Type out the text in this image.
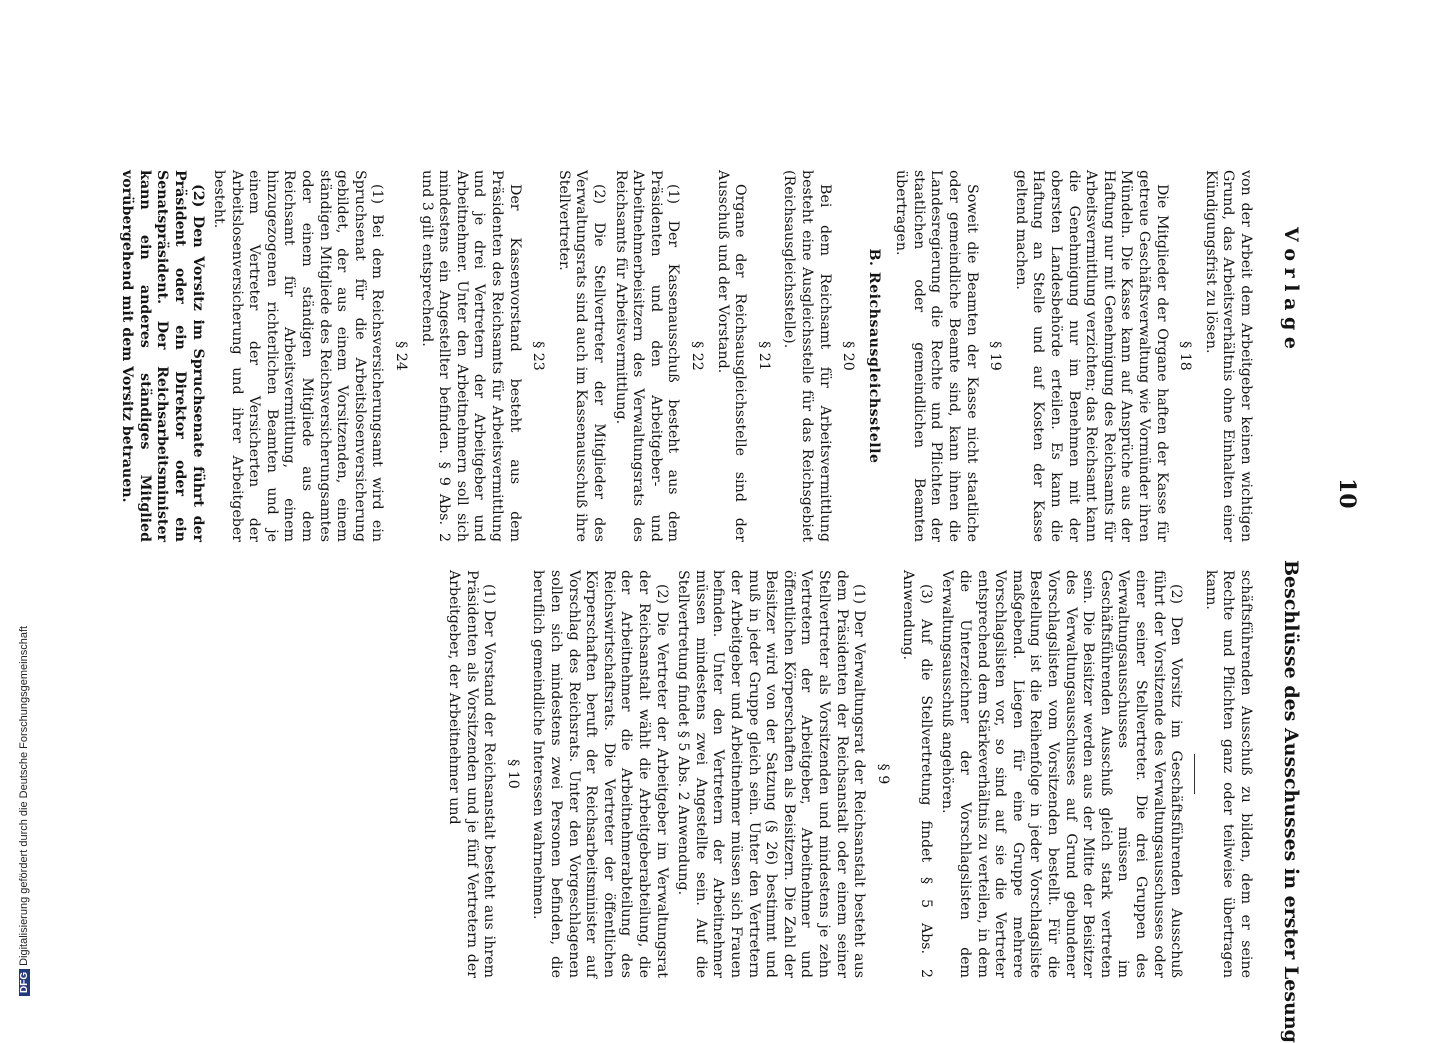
V o r l a g e
10
Beschlüsse des Ausschusses in erster Lesung

von der Arbeit dem Arbeitgeber keinen wichtigen Grund, das Arbeitsverhältnis ohne Einhalten einer Kündigungsfrist zu lösen.

§ 18

Die Mitglieder der Organe haften der Kasse für getreue Geschäftsverwaltung wie Vormünder ihren Mündeln. Die Kasse kann auf Ansprüche aus der Haftung nur mit Genehmigung des Reichsamts für Arbeitsvermittlung verzichten; das Reichsamt kann die Genehmigung nur im Benehmen mit der obersten Landesbehörde erteilen. Es kann die Haftung an Stelle und auf Kosten der Kasse geltend machen.

§ 19

Soweit die Beamten der Kasse nicht staatliche oder gemeindliche Beamte sind, kann ihnen die Landesregierung die Rechte und Pflichten der staatlichen oder gemeindlichen Beamten übertragen.

B. Reichsausgleichsstelle
§ 20

Bei dem Reichsamt für Arbeitsvermittlung besteht eine Ausgleichsstelle für das Reichsgebiet (Reichsausgleichsstelle).

§ 21

Organe der Reichsausgleichsstelle sind der Ausschuß und der Vorstand.

§ 22

(1) Der Kassenausschuß besteht aus dem Präsidenten und den Arbeitgeber- und Arbeitnehmerbeisitzern des Verwaltungsrats des Reichsamts für Arbeitsvermittlung.

(2) Die Stellvertreter der Mitglieder des Verwaltungsrats sind auch im Kassenausschuß ihre Stellvertreter.

§ 23

Der Kassenvorstand besteht aus dem Präsidenten des Reichsamts für Arbeitsvermittlung und je drei Vertretern der Arbeitgeber und Arbeitnehmer. Unter den Arbeitnehmern soll sich mindestens ein Angestellter befinden. § 9 Abs. 2 und 3 gilt entsprechend.

§ 24

(1) Bei dem Reichsversicherungsamt wird ein Spruchsenat für die Arbeitslosenversicherung gebildet, der aus einem Vorsitzenden, einem ständigen Mitgliede des Reichsversicherungsamtes oder einem ständigen Mitgliede aus dem Reichsamt für Arbeitsvermittlung, einem hinzugezogenen richterlichen Beamten und je einem Vertreter der Versicherten der Arbeitslosenversicherung und ihrer Arbeitgeber besteht.

(2) Den Vorsitz im Spruchsenate führt der Präsident oder ein Direktor oder ein Senatspräsident. Der Reichsarbeitsminister kann ein anderes ständiges Mitglied vorübergehend mit dem Vorsitz betrauen.

schäftsführenden Ausschuß zu bilden, dem er seine Rechte und Pflichten ganz oder teilweise übertragen kann.

(2) Den Vorsitz im Geschäftsführenden Ausschuß führt der Vorsitzende des Verwaltungsausschusses oder einer seiner Stellvertreter. Die drei Gruppen des Verwaltungsausschusses müssen im Geschäftsführenden Ausschuß gleich stark vertreten sein. Die Beisitzer werden aus der Mitte der Beisitzer des Verwaltungsausschusses auf Grund gebundener Vorschlagslisten vom Vorsitzenden bestellt. Für die Bestellung ist die Reihenfolge in jeder Vorschlagsliste maßgebend. Liegen für eine Gruppe mehrere Vorschlagslisten vor, so sind auf sie die Vertreter entsprechend dem Stärkeverhältnis zu verteilen, in dem die Unterzeichner der Vorschlagslisten dem Verwaltungsausschuß angehören.

(3) Auf die Stellvertretung findet § 5 Abs. 2 Anwendung.

§ 9

(1) Der Verwaltungsrat der Reichsanstalt besteht aus dem Präsidenten der Reichsanstalt oder einem seiner Stellvertreter als Vorsitzenden und mindestens je zehn Vertretern der Arbeitgeber, Arbeitnehmer und öffentlichen Körperschaften als Beisitzern. Die Zahl der Beisitzer wird von der Satzung (§ 26) bestimmt und muß in jeder Gruppe gleich sein. Unter den Vertretern der Arbeitgeber und Arbeitnehmer müssen sich Frauen befinden. Unter den Vertretern der Arbeitnehmer müssen mindestens zwei Angestellte sein. Auf die Stellvertretung findet § 5 Abs. 2 Anwendung.

(2) Die Vertreter der Arbeitgeber im Verwaltungsrat der Reichsanstalt wählt die Arbeitgeberabteilung, die der Arbeitnehmer die Arbeitnehmerabteilung des Reichswirtschaftsrats. Die Vertreter der öffentlichen Körperschaften beruft der Reichsarbeitsminister auf Vorschlag des Reichsrats. Unter den Vorgeschlagenen sollen sich mindestens zwei Personen befinden, die beruflich gemeindliche Interessen wahrnehmen.

§ 10

(1) Der Vorstand der Reichsanstalt besteht aus ihrem Präsidenten als Vorsitzenden und je fünf Vertretern der Arbeitgeber, der Arbeitnehmer und

DFGDigitalisierung gefördert durch die Deutsche Forschungsgemeinschaft
